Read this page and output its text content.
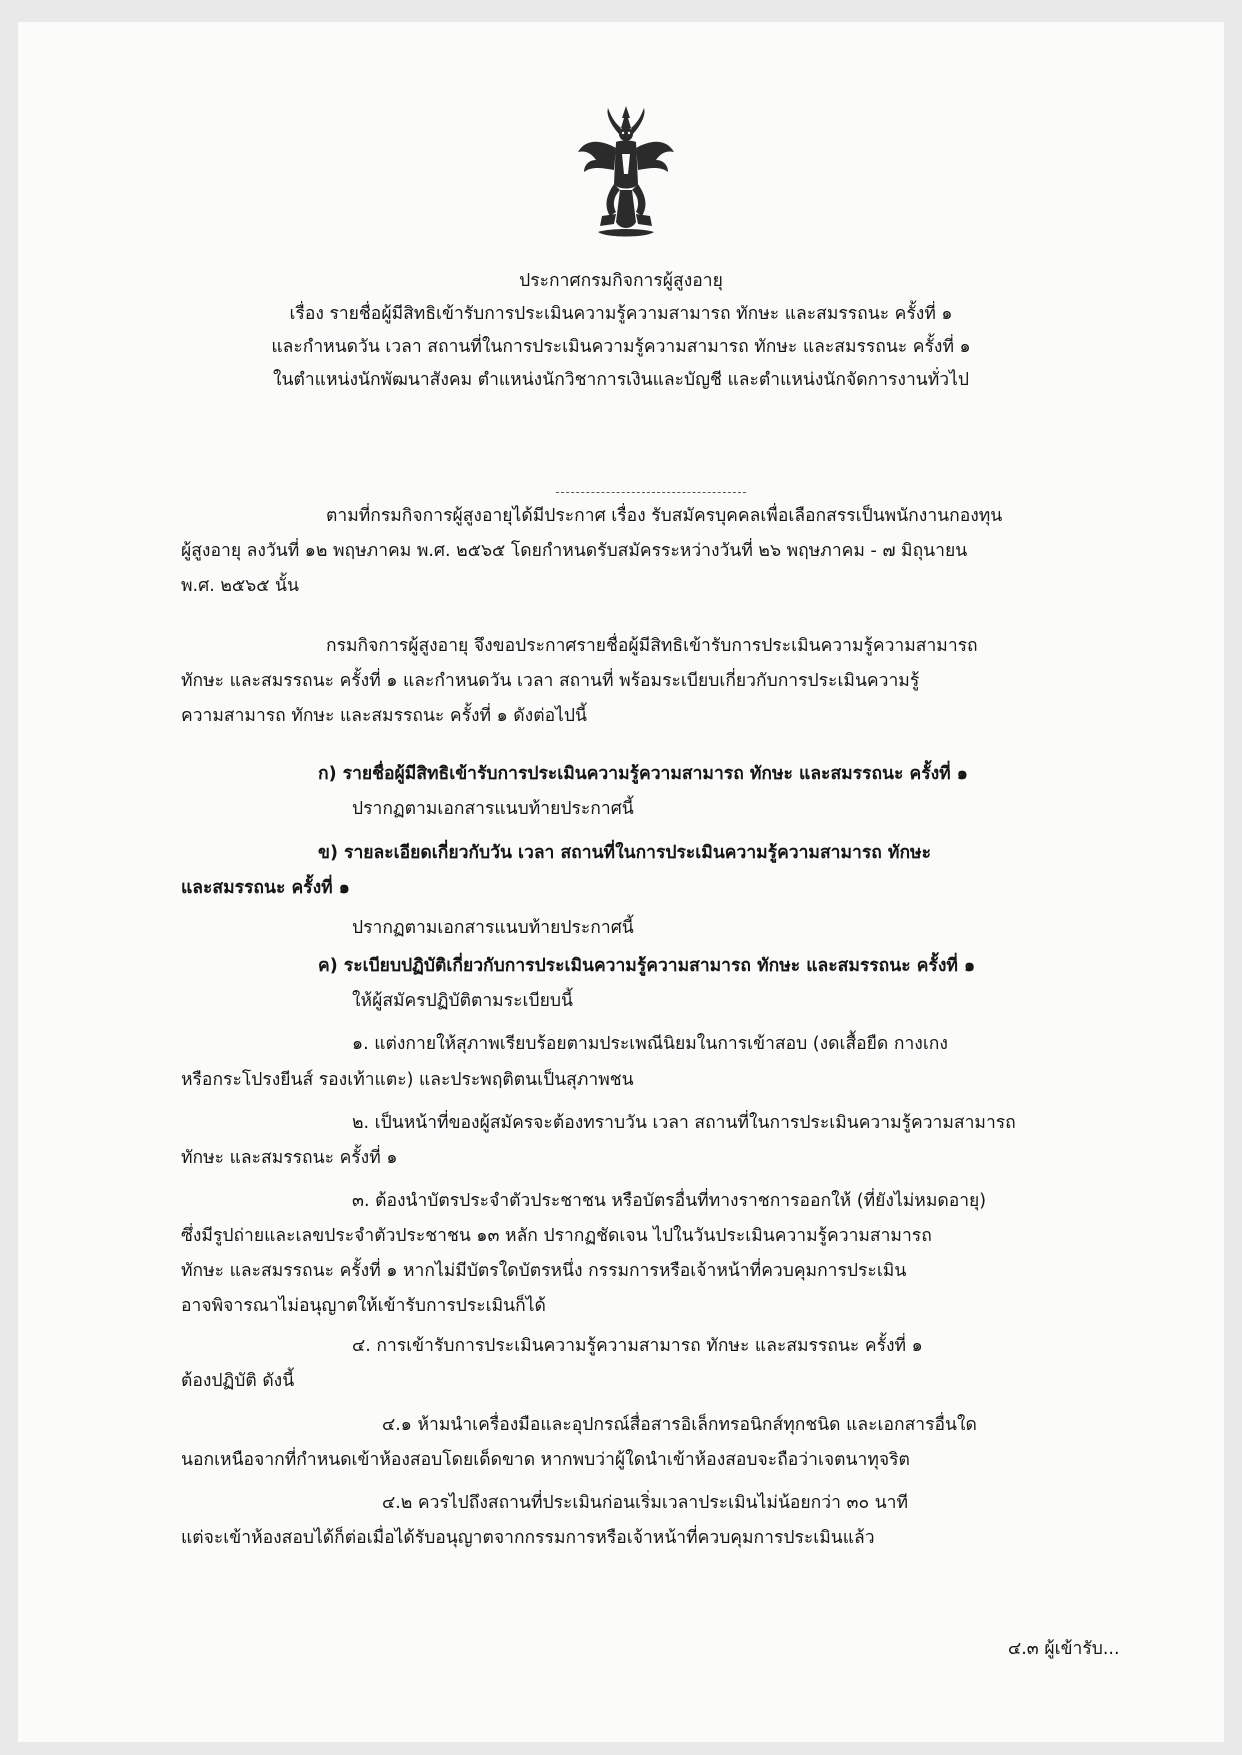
ประกาศกรมกิจการผู้สูงอายุ
เรื่อง รายชื่อผู้มีสิทธิเข้ารับการประเมินความรู้ความสามารถ ทักษะ และสมรรถนะ ครั้งที่ ๑
และกำหนดวัน เวลา สถานที่ในการประเมินความรู้ความสามารถ ทักษะ และสมรรถนะ ครั้งที่ ๑
ในตำแหน่งนักพัฒนาสังคม ตำแหน่งนักวิชาการเงินและบัญชี และตำแหน่งนักจัดการงานทั่วไป
ตามที่กรมกิจการผู้สูงอายุได้มีประกาศ เรื่อง รับสมัครบุคคลเพื่อเลือกสรรเป็นพนักงานกองทุน
ผู้สูงอายุ ลงวันที่ ๑๒ พฤษภาคม พ.ศ. ๒๕๖๕ โดยกำหนดรับสมัครระหว่างวันที่ ๒๖ พฤษภาคม - ๗ มิถุนายน
พ.ศ. ๒๕๖๕ นั้น
กรมกิจการผู้สูงอายุ จึงขอประกาศรายชื่อผู้มีสิทธิเข้ารับการประเมินความรู้ความสามารถ
ทักษะ และสมรรถนะ ครั้งที่ ๑ และกำหนดวัน เวลา สถานที่ พร้อมระเบียบเกี่ยวกับการประเมินความรู้
ความสามารถ ทักษะ และสมรรถนะ ครั้งที่ ๑ ดังต่อไปนี้
ก) รายชื่อผู้มีสิทธิเข้ารับการประเมินความรู้ความสามารถ ทักษะ และสมรรถนะ ครั้งที่ ๑
ปรากฏตามเอกสารแนบท้ายประกาศนี้
ข) รายละเอียดเกี่ยวกับวัน เวลา สถานที่ในการประเมินความรู้ความสามารถ ทักษะ
และสมรรถนะ ครั้งที่ ๑
ปรากฏตามเอกสารแนบท้ายประกาศนี้
ค) ระเบียบปฏิบัติเกี่ยวกับการประเมินความรู้ความสามารถ ทักษะ และสมรรถนะ ครั้งที่ ๑
ให้ผู้สมัครปฏิบัติตามระเบียบนี้
๑. แต่งกายให้สุภาพเรียบร้อยตามประเพณีนิยมในการเข้าสอบ (งดเสื้อยืด กางเกง
หรือกระโปรงยีนส์ รองเท้าแตะ) และประพฤติตนเป็นสุภาพชน
๒. เป็นหน้าที่ของผู้สมัครจะต้องทราบวัน เวลา สถานที่ในการประเมินความรู้ความสามารถ
ทักษะ และสมรรถนะ ครั้งที่ ๑
๓. ต้องนำบัตรประจำตัวประชาชน หรือบัตรอื่นที่ทางราชการออกให้ (ที่ยังไม่หมดอายุ)
ซึ่งมีรูปถ่ายและเลขประจำตัวประชาชน ๑๓ หลัก ปรากฏชัดเจน ไปในวันประเมินความรู้ความสามารถ
ทักษะ และสมรรถนะ ครั้งที่ ๑ หากไม่มีบัตรใดบัตรหนึ่ง กรรมการหรือเจ้าหน้าที่ควบคุมการประเมิน
อาจพิจารณาไม่อนุญาตให้เข้ารับการประเมินก็ได้
๔. การเข้ารับการประเมินความรู้ความสามารถ ทักษะ และสมรรถนะ ครั้งที่ ๑
ต้องปฏิบัติ ดังนี้
๔.๑ ห้ามนำเครื่องมือและอุปกรณ์สื่อสารอิเล็กทรอนิกส์ทุกชนิด และเอกสารอื่นใด
นอกเหนือจากที่กำหนดเข้าห้องสอบโดยเด็ดขาด หากพบว่าผู้ใดนำเข้าห้องสอบจะถือว่าเจตนาทุจริต
๔.๒ ควรไปถึงสถานที่ประเมินก่อนเริ่มเวลาประเมินไม่น้อยกว่า ๓๐ นาที
แต่จะเข้าห้องสอบได้ก็ต่อเมื่อได้รับอนุญาตจากกรรมการหรือเจ้าหน้าที่ควบคุมการประเมินแล้ว
๔.๓ ผู้เข้ารับ...
